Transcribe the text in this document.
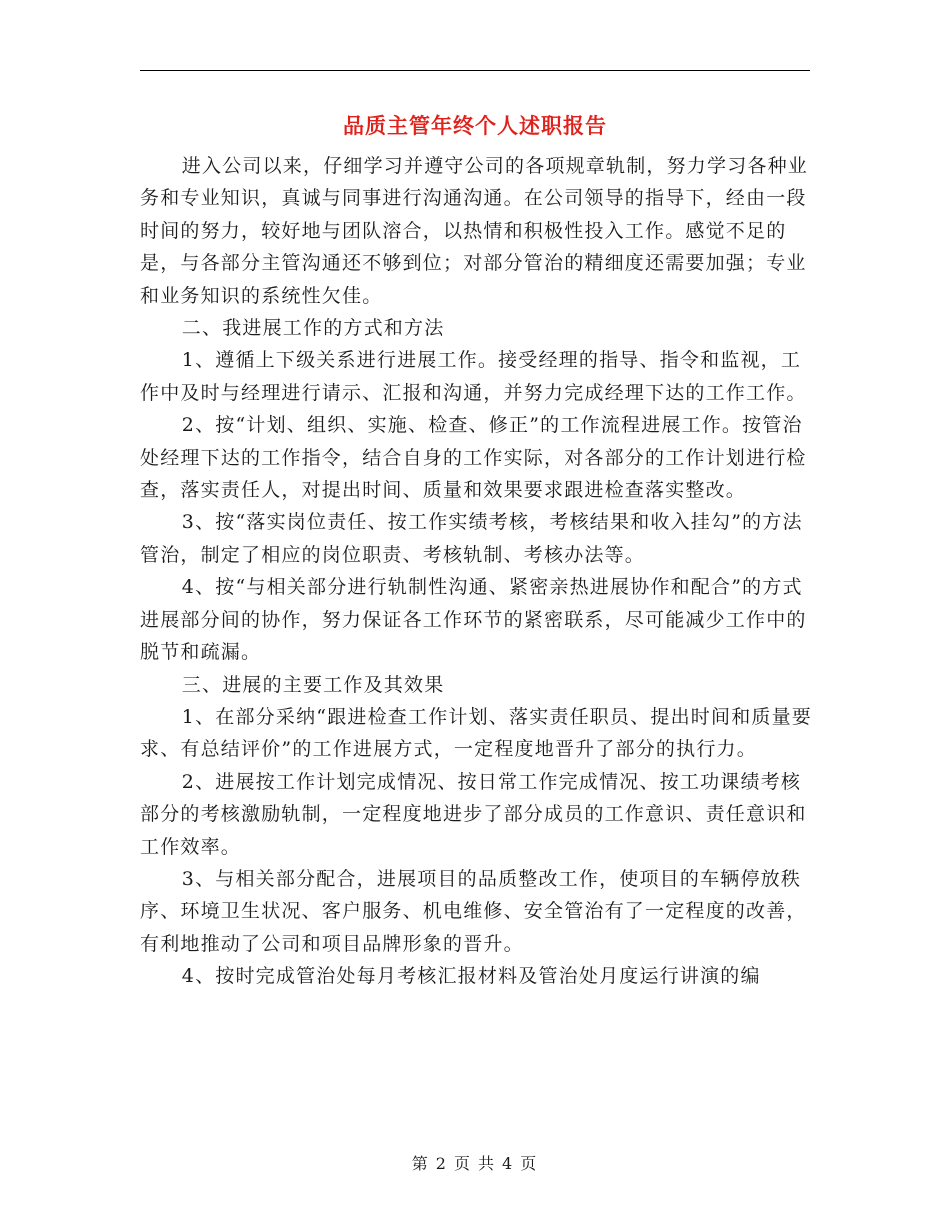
品质主管年终个人述职报告

进入公司以来，仔细学习并遵守公司的各项规章轨制，努力学习各种业务和专业知识，真诚与同事进行沟通沟通。在公司领导的指导下，经由一段时间的努力，较好地与团队溶合，以热情和积极性投入工作。感觉不足的是，与各部分主管沟通还不够到位；对部分管治的精细度还需要加强；专业和业务知识的系统性欠佳。

二、我进展工作的方式和方法

1、遵循上下级关系进行进展工作。接受经理的指导、指令和监视，工作中及时与经理进行请示、汇报和沟通，并努力完成经理下达的工作工作。

2、按“计划、组织、实施、检查、修正”的工作流程进展工作。按管治处经理下达的工作指令，结合自身的工作实际，对各部分的工作计划进行检查，落实责任人，对提出时间、质量和效果要求跟进检查落实整改。

3、按“落实岗位责任、按工作实绩考核，考核结果和收入挂勾”的方法管治，制定了相应的岗位职责、考核轨制、考核办法等。

4、按“与相关部分进行轨制性沟通、紧密亲热进展协作和配合”的方式进展部分间的协作，努力保证各工作环节的紧密联系，尽可能减少工作中的脱节和疏漏。

三、进展的主要工作及其效果

1、在部分采纳“跟进检查工作计划、落实责任职员、提出时间和质量要求、有总结评价”的工作进展方式，一定程度地晋升了部分的执行力。

2、进展按工作计划完成情况、按日常工作完成情况、按工功课绩考核部分的考核激励轨制，一定程度地进步了部分成员的工作意识、责任意识和工作效率。

3、与相关部分配合，进展项目的品质整改工作，使项目的车辆停放秩序、环境卫生状况、客户服务、机电维修、安全管治有了一定程度的改善，有利地推动了公司和项目品牌形象的晋升。

4、按时完成管治处每月考核汇报材料及管治处月度运行讲演的编

第 2 页 共 4 页
